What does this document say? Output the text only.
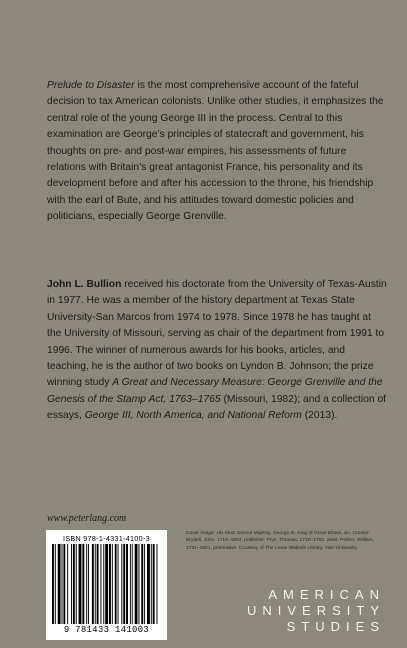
Prelude to Disaster is the most comprehensive account of the fateful decision to tax American colonists. Unlike other studies, it emphasizes the central role of the young George III in the process. Central to this examination are George’s principles of statecraft and government, his thoughts on pre- and post-war empires, his assessments of future relations with Britain’s great antagonist France, his personality and its development before and after his accession to the throne, his friendship with the earl of Bute, and his attitudes toward domestic policies and politicians, especially George Grenville.

John L. Bullion received his doctorate from the University of Texas-Austin in 1977. He was a member of the history department at Texas State University-San Marcos from 1974 to 1978. Since 1978 he has taught at the University of Missouri, serving as chair of the department from 1991 to 1996. The winner of numerous awards for his books, articles, and teaching, he is the author of two books on Lyndon B. Johnson; the prize winning study A Great and Necessary Measure: George Grenville and the Genesis of the Stamp Act, 1763–1765 (Missouri, 1982); and a collection of essays, George III, North America, and National Reform (2013).

www.peterlang.com
ISBN 978-1-4331-4100-3
9 781433 141003
Cover image: His Most Sacred Majesty, George III, King of Great Britain, &c. Creator: Brydell, John, 1719–1804, publisher; Frye, Thomas, 1710–1762, artist; Pether, William, 1731–1821, printmaker. Courtesy of The Lewis Walpole Library, Yale University.
AMERICAN
UNIVERSITY
STUDIES
